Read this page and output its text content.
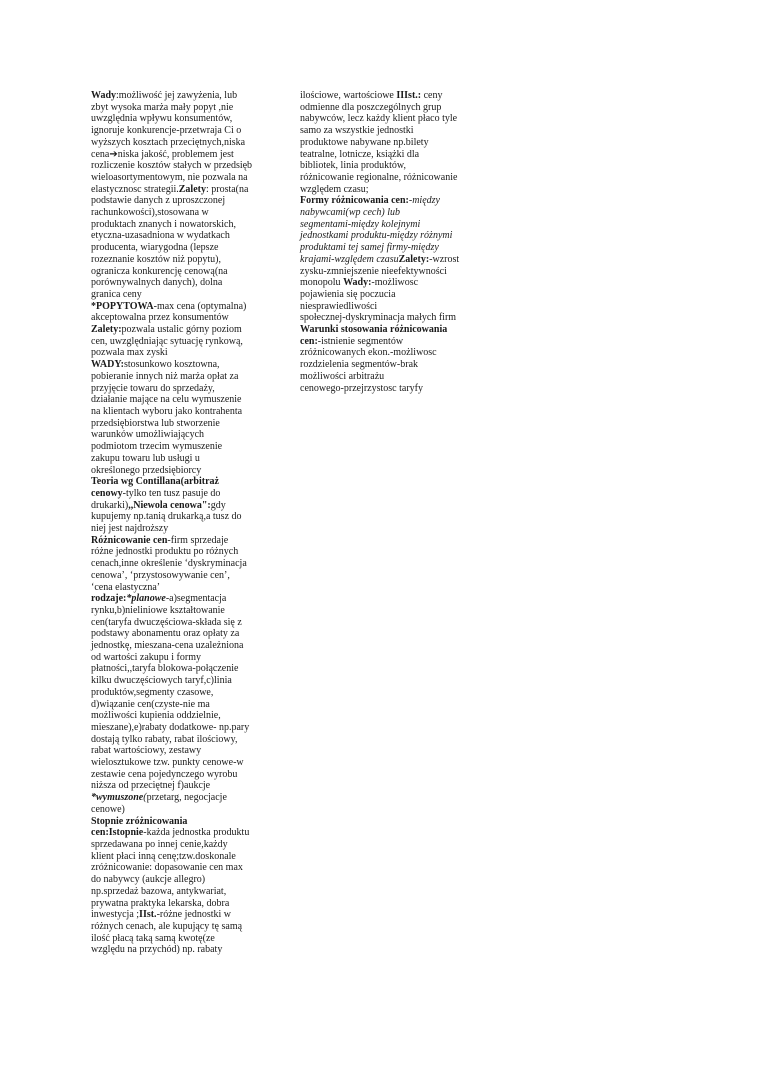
Wady:możliwość jej zawyżenia, lub
zbyt wysoka marża mały popyt ,nie
uwzględnia wpływu konsumentów,
ignoruje konkurencje-przetwraja Ci o
wyższych kosztach przeciętnych,niska
cena➔niska jakość, problemem jest
rozliczenie kosztów stałych w przedsięb
wieloasortymentowym, nie pozwala na
elastycznosc strategii.Zalety: prosta(na
podstawie danych z uproszczonej
rachunkowości),stosowana w
produktach znanych i nowatorskich,
etyczna-uzasadniona w wydatkach
producenta, wiarygodna (lepsze
rozeznanie kosztów niż popytu),
ogranicza konkurencję cenową(na
porównywalnych danych), dolna
granica ceny
*POPYTOWA-max cena (optymalna)
akceptowalna przez konsumentów
Zalety:pozwala ustalic górny poziom
cen, uwzględniając sytuację rynkową,
pozwala max zyski
WADY:stosunkowo kosztowna,
pobieranie innych niż marża opłat za
przyjęcie towaru do sprzedaży,
działanie mające na celu wymuszenie
na klientach wyboru jako kontrahenta
przedsiębiorstwa lub stworzenie
warunków umożliwiających
podmiotom trzecim wymuszenie
zakupu towaru lub usługi u
określonego przedsiębiorcy
Teoria wg Contillana(arbitraż
cenowy-tylko ten tusz pasuje do
drukarki),,Niewola cenowa":gdy
kupujemy np.tanią drukarką,a tusz do
niej jest najdroższy
Różnicowanie cen-firm sprzedaje
różne jednostki produktu po różnych
cenach,inne określenie ‘dyskryminacja
cenowa’, ‘przystosowywanie cen’,
‘cena elastyczna’
rodzaje:*planowe-a)segmentacja
rynku,b)nieliniowe kształtowanie
cen(taryfa dwuczęściowa-składa się z
podstawy abonamentu oraz opłaty za
jednostkę, mieszana-cena uzależniona
od wartości zakupu i formy
płatności,,taryfa blokowa-połączenie
kilku dwuczęściowych taryf,c)linia
produktów,segmenty czasowe,
d)wiązanie cen(czyste-nie ma
możliwości kupienia oddzielnie,
mieszane),e)rabaty dodatkowe- np.pary
dostają tylko rabaty, rabat ilościowy,
rabat wartościowy, zestawy
wielosztukowe tzw. punkty cenowe-w
zestawie cena pojedynczego wyrobu
niższa od przeciętnej f)aukcje
*wymuszone(przetarg, negocjacje
cenowe)
Stopnie zróżnicowania
cen:Istopnie-każda jednostka produktu
sprzedawana po innej cenie,każdy
klient płaci inną cenę;tzw.doskonale
zróżnicowanie: dopasowanie cen max
do nabywcy (aukcje allegro)
np.sprzedaż bazowa, antykwariat,
prywatna praktyka lekarska, dobra
inwestycja ;IIst.-różne jednostki w
różnych cenach, ale kupujący tę samą
ilość płacą taką samą kwotę(ze
względu na przychód) np. rabaty
ilościowe, wartościowe IIIst.: ceny
odmienne dla poszczególnych grup
nabywców, lecz każdy klient płaco tyle
samo za wszystkie jednostki
produktowe nabywane np.bilety
teatralne, lotnicze, książki dla
bibliotek, linia produktów,
różnicowanie regionalne, różnicowanie
względem czasu;
Formy różnicowania cen:-między
nabywcami(wp cech) lub
segmentami-między kolejnymi
jednostkami produktu-między różnymi
produktami tej samej firmy-między
krajami-względem czasuZalety:-wzrost
zysku-zmniejszenie nieefektywności
monopolu Wady:-możliwosc
pojawienia się poczucia
niesprawiedliwości
społecznej-dyskryminacja małych firm
Warunki stosowania różnicowania
cen:-istnienie segmentów
zróżnicowanych ekon.-możliwosc
rozdzielenia segmentów-brak
możliwości arbitrażu
cenowego-przejrzystosc taryfy
